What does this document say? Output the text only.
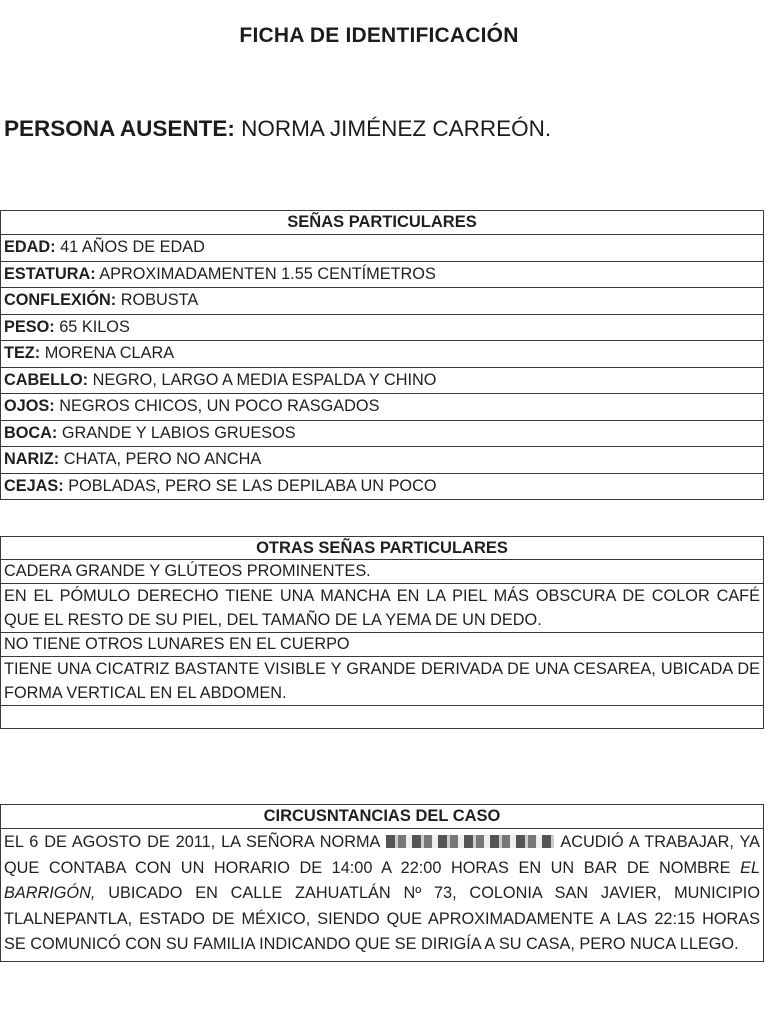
FICHA DE IDENTIFICACIÓN
PERSONA AUSENTE: NORMA JIMÉNEZ CARREÓN.
SEÑAS PARTICULARES
EDAD: 41 AÑOS DE EDAD
ESTATURA: APROXIMADAMENTEN 1.55 CENTÍMETROS
CONFLEXIÓN: ROBUSTA
PESO: 65 KILOS
TEZ: MORENA CLARA
CABELLO: NEGRO, LARGO A MEDIA ESPALDA Y CHINO
OJOS: NEGROS CHICOS, UN POCO RASGADOS
BOCA: GRANDE Y LABIOS GRUESOS
NARIZ: CHATA, PERO NO ANCHA
CEJAS: POBLADAS, PERO SE LAS DEPILABA UN POCO
OTRAS SEÑAS PARTICULARES
CADERA GRANDE Y GLÚTEOS PROMINENTES.
EN EL PÓMULO DERECHO TIENE UNA MANCHA EN LA PIEL MÁS OBSCURA DE COLOR CAFÉ QUE EL RESTO DE SU PIEL, DEL TAMAÑO DE LA YEMA DE UN DEDO.
NO TIENE OTROS LUNARES EN EL CUERPO
TIENE UNA CICATRIZ BASTANTE VISIBLE Y GRANDE DERIVADA DE UNA CESAREA, UBICADA DE FORMA VERTICAL EN EL ABDOMEN.

CIRCUSNTANCIAS DEL CASO
EL 6 DE AGOSTO DE 2011, LA SEÑORA NORMA	ACUDIÓ A TRABAJAR, YA QUE CONTABA CON UN HORARIO DE 14:00 A 22:00 HORAS EN UN BAR DE NOMBRE EL BARRIGÓN, UBICADO EN CALLE ZAHUATLÁN Nº 73, COLONIA SAN JAVIER, MUNICIPIO TLALNEPANTLA, ESTADO DE MÉXICO, SIENDO QUE APROXIMADAMENTE A LAS 22:15 HORAS SE COMUNICÓ CON SU FAMILIA INDICANDO QUE SE DIRIGÍA A SU CASA, PERO NUCA LLEGO.
